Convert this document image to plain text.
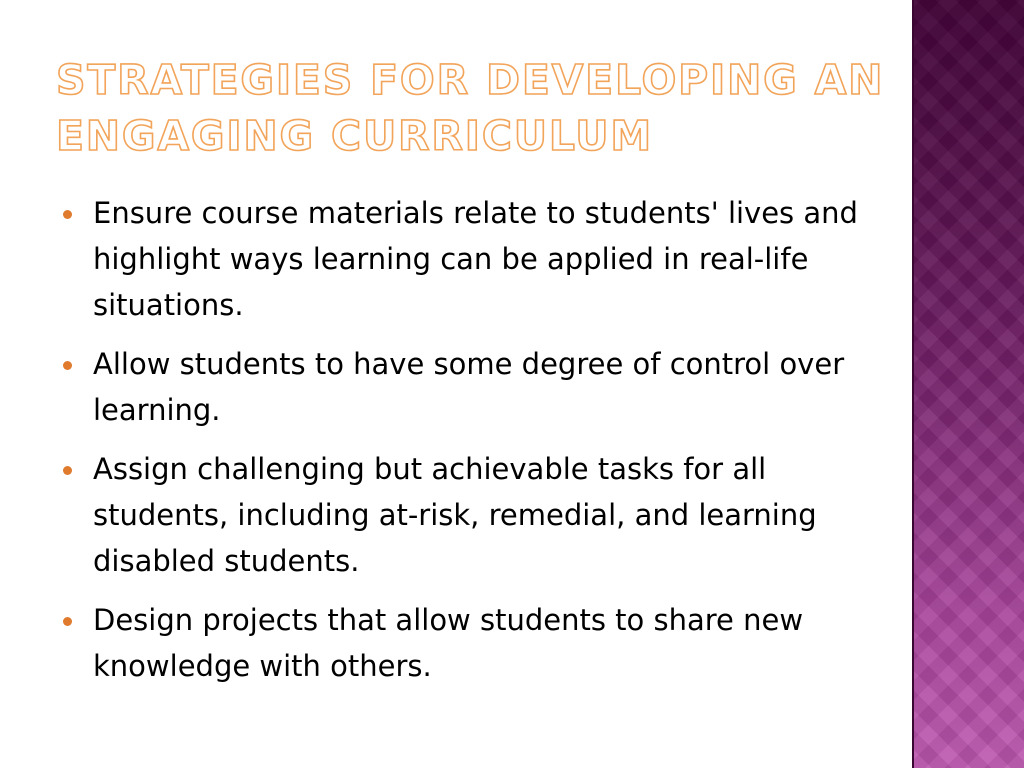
STRATEGIES FOR DEVELOPING AN ENGAGING CURRICULUM
Ensure course materials relate to students' lives and highlight ways learning can be applied in real-life situations.
Allow students to have some degree of control over learning.
Assign challenging but achievable tasks for all students, including at-risk, remedial, and learning disabled students.
Design projects that allow students to share new knowledge with others.
